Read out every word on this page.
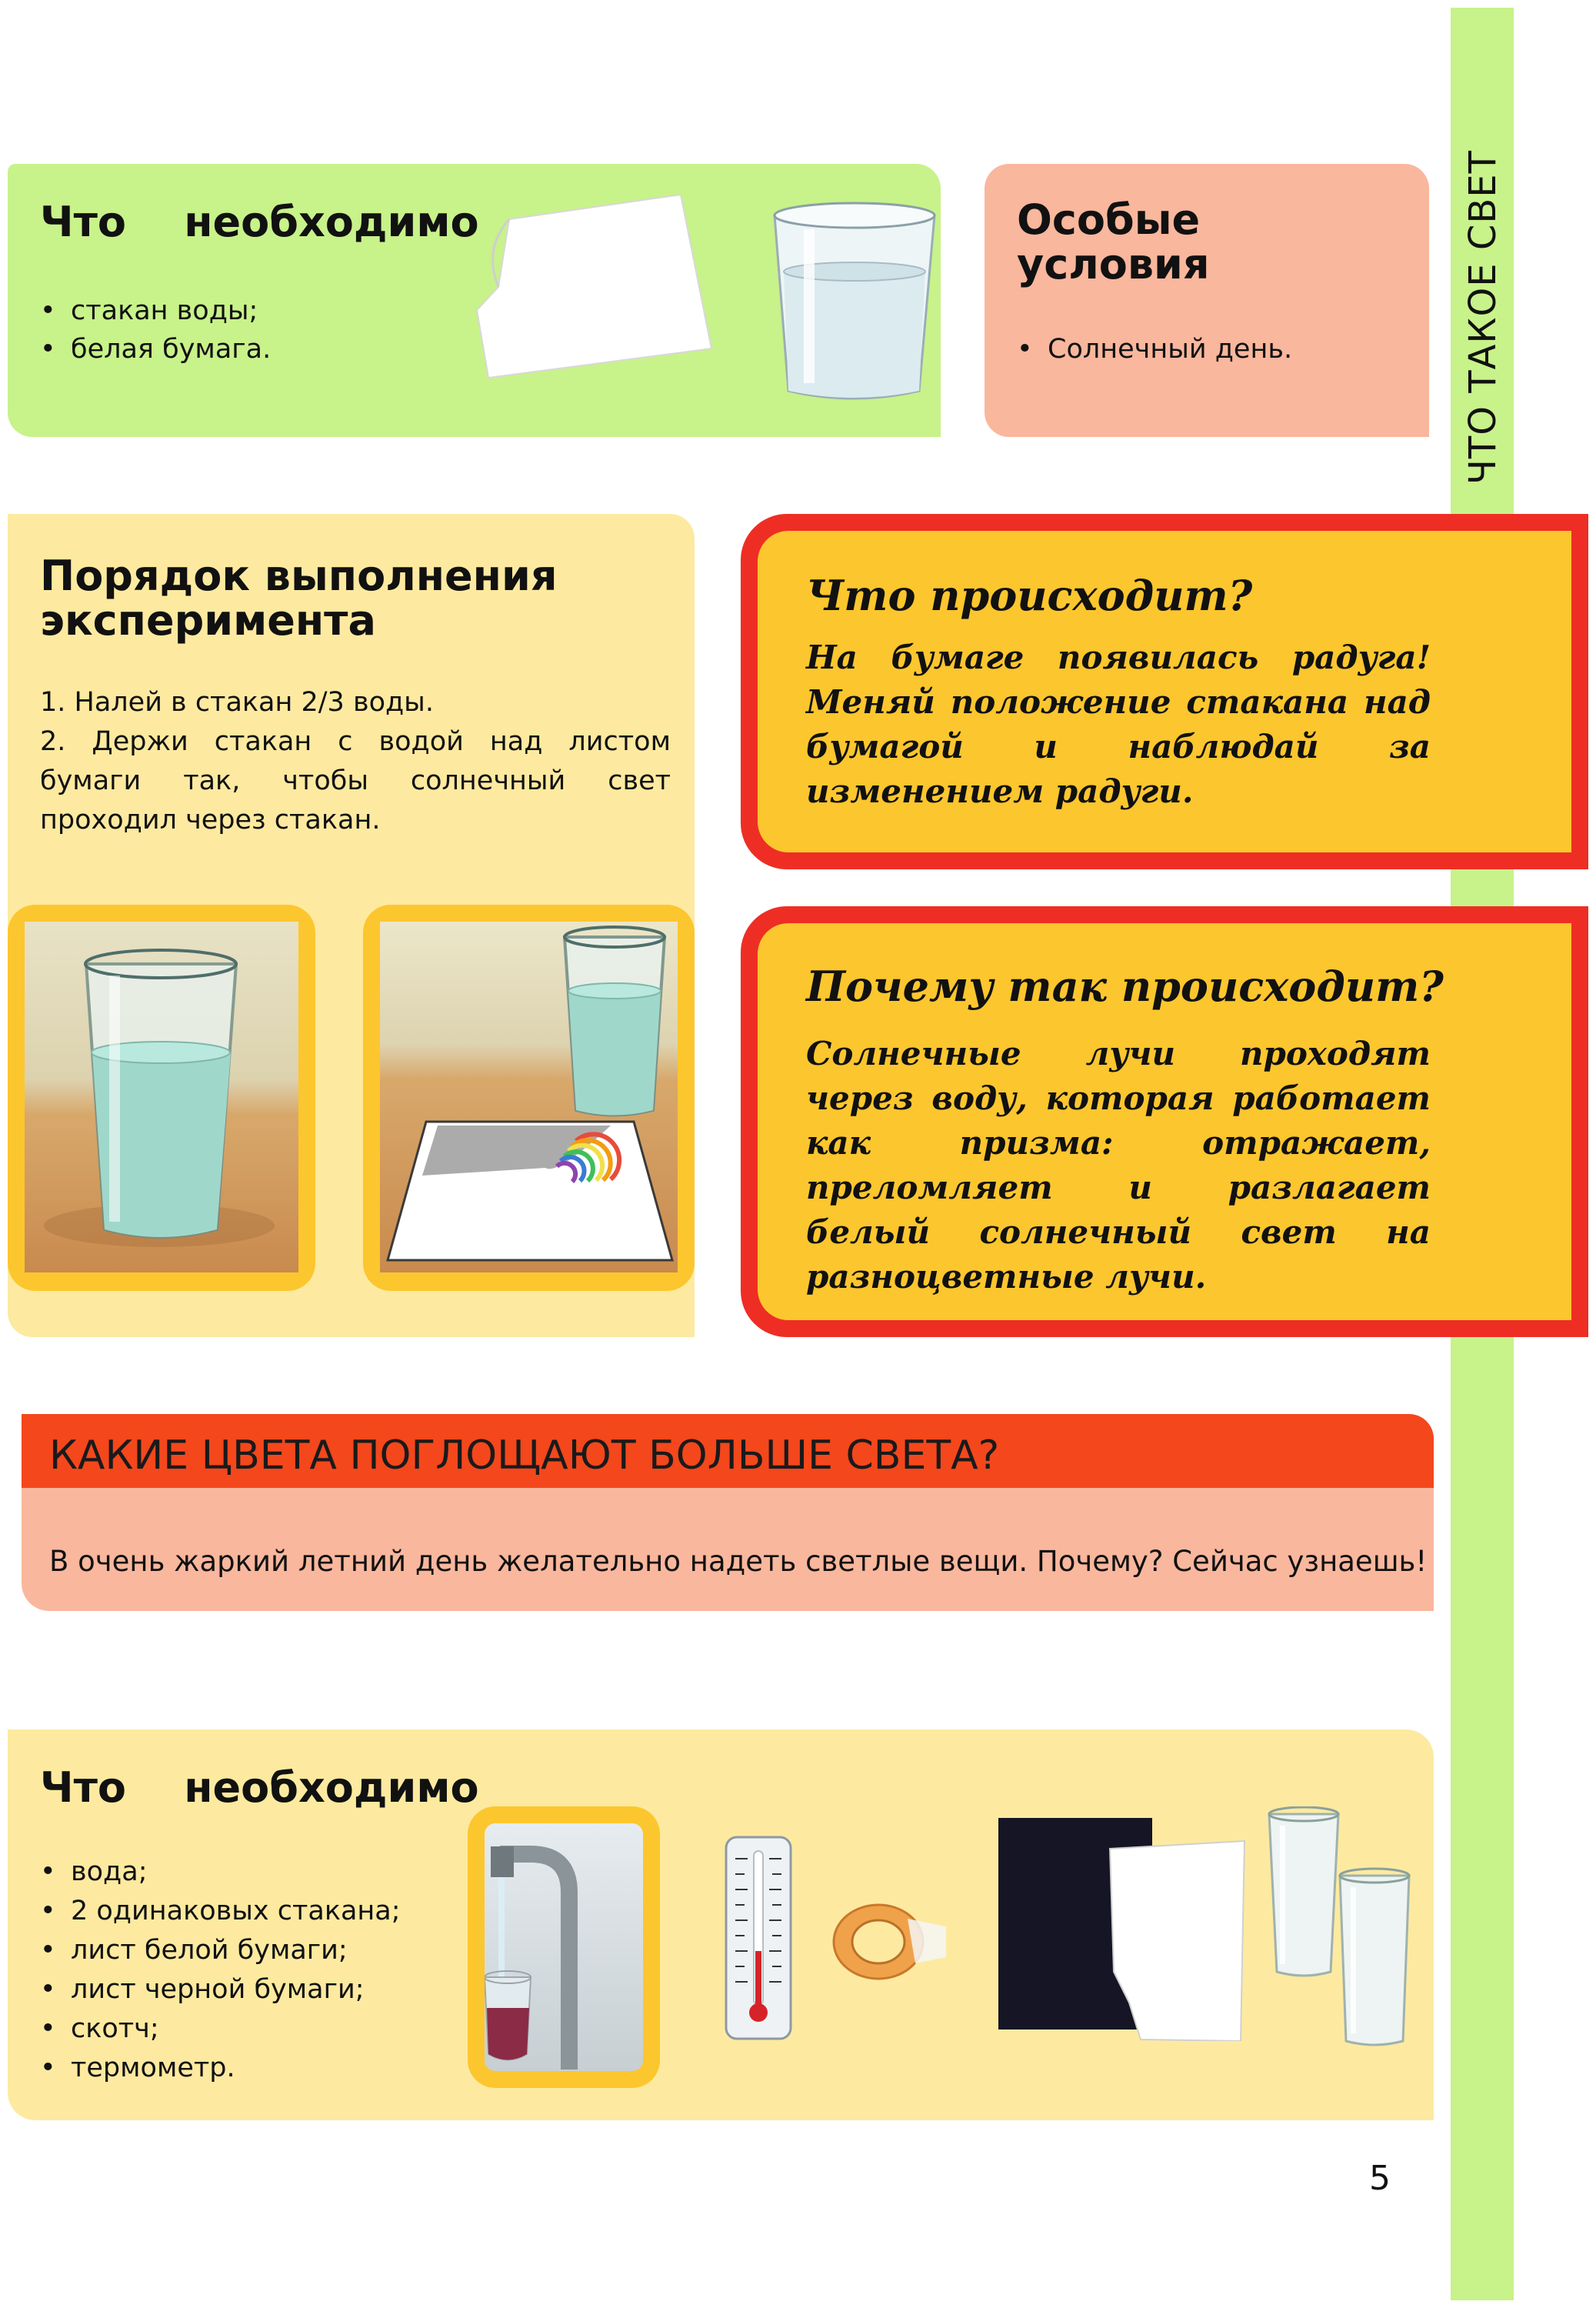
Что    необходимо
• стакан воды;
• белая бумага.
Особые условия
• Солнечный день.
Порядок выполнения эксперимента
1. Налей в стакан 2/3 воды.
2. Держи стакан с водой над листом бумаги так, чтобы солнечный свет проходил через стакан.
Что происходит?
На бумаге появилась радуга! Меняй положение стакана над бумагой и наблюдай за изменением радуги.
Почему так происходит?
Солнечные лучи проходят через воду, которая работает как призма: отражает, преломляет и разлагает белый солнечный свет на разноцветные лучи.
КАКИЕ ЦВЕТА ПОГЛОЩАЮТ БОЛЬШЕ СВЕТА?
В очень жаркий летний день желательно надеть светлые вещи. Почему? Сейчас узнаешь!
Что    необходимо
• вода;
• 2 одинаковых стакана;
• лист белой бумаги;
• лист черной бумаги;
• скотч;
• термометр.
5
